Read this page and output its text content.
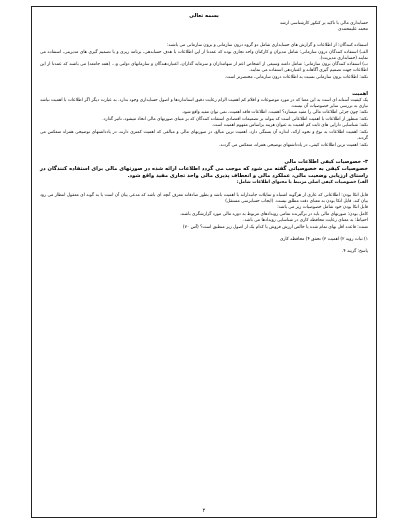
بسمه تعالی

حسابداری مالی با تاکید بر کنکور کارشناسی ارشد

محمد علیمحمدی

استفاده کنندگان: از اطلاعات و گزارش های حسابداری شامل دو گروه درون سازمانی و برون سازمانی می باشند:

الف) استفاده کنندگان درون سازمانی: شامل مدیران و کارکنان واحد تجاری بوده که عمدتا از این اطلاعات با هدف حسابدهی، برنامه ریزی و یا تصمیم گیری های مدیریتی، استفاده می نمایند (حسابداری مدیریت).

ب) استفاده کنندگان برون سازمانی: شامل دامنه وسیعی از اشخاص اعم از سهامداران و سرمایه گذاران، اعتباردهندگان و سازمانهای دولتی و... (همه جامعه) می باشند که عمدتا از این اطلاعات جهت تصمیم گیری آگاهانه و اعتباردهی استفاده می نمایند.

نکته: اطلاعات برون سازمانی نسبت به اطلاعات درون سازمانی، مختصرتر است.

اهمیت

یک کیفیت آستانه ای است به این معنا که در مورد موضوعات و اقلام کم اهمیت الزام رعایت دقیق استانداردها و اصول حسابداری وجود ندارد. به عبارت دیگر اگر اطلاعات با اهمیت نباشد نیازی به بررسی سایر خصوصیات آن نیست.

نکته: چون جزئی اطلاعات مالی را مفید میسازد؟ اهمیت. اطلاعات فاقد اهمیت، نمی توان مفید واقع شود.

نکته: منظور از اطلاعات با اهمیت اطلاعاتی است که بتواند بر تصمیمات اقتصادی استفاده کنندگان که بر مبنای صورتهای مالی اتخاذ میشود، تاثیر گذارد.

نکته: شناسایی دارایی های ثابت کم اهمیت به عنوان هزینه براساس مفهوم اهمیت است.

نکته: اهمیت اطلاعات به نوع و نحوه ارائه، اندازه آن بستگی دارد. اهمیت ترین مبالغ، در صورتهای مالی و مبالغی که اهمیت کمتری دارند، در یادداشتهای توضیحی همراه منعکس می گردند.

نکته: اهمیت ترین اطلاعات کیفی، در یادداشتهای توضیحی همراه، منعکس می گردند.

۳- خصوصیات کیفی اطلاعات مالی

خصوصیات کیفی به خصوصیاتی گفته می شود که موجب می گردد اطلاعات ارائه شده در صورتهای مالی برای استفاده کنندگان در راستای ارزیابی وضعیت مالی، عملکرد مالی و انعطاف پذیری مالی واحد تجاری مفید واقع شود.

الف) خصوصیات کیفی اصلی مرتبط با محتوای اطلاعات شامل:

قابل اتکا بودن: اطلاعاتی که عاری از هرگونه اشتباه و تمایلات جانبدارانه با اهمیت باشد و بطور صادقانه معرف آنچه ای باشد که مدعی بیان آن است یا به گونه ای معقول انتظار می رود بیان کند. قابل اتکا بودن به معنای دقت مطلق نیست. (ایجاب حسابرسی مستقل)

قابل اتکا بودن خود شامل خصوصیات زیر می باشد:

کامل بودن: صورتهای مالی باید در برگیرنده تمامی رویدادهای مربوط به دوره مالی مورد گزارشگری باشند.

احتیاط: به معنای رعایت محافظه کاری در شناسایی رویدادها می باشد.

تست: قاعده اقل بهای تمام شده یا خالص ارزش فروش با کدام یک از اصول زیر منطبق است؟ (آس ۷۰)

۱) ثبات رویه ۲) اهمیت ۳) تحقق ۴) محافظه کاری

پاسخ: گزینه ۴.

۴
